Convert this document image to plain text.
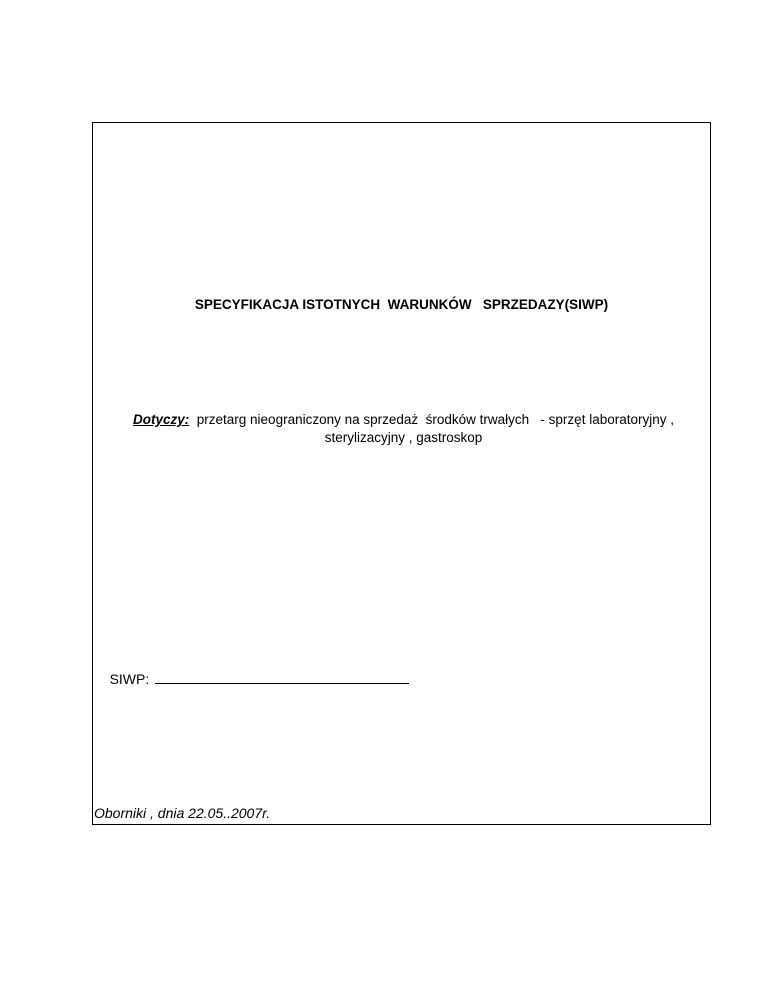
SPECYFIKACJA ISTOTNYCH  WARUNKÓW   SPRZEDAZY(SIWP)
Dotyczy:  przetarg nieograniczony na sprzedaż  środków trwałych   - sprzęt laboratoryjny , sterylizacyjny , gastroskop

SIWP:

Oborniki , dnia 22.05..2007r.
